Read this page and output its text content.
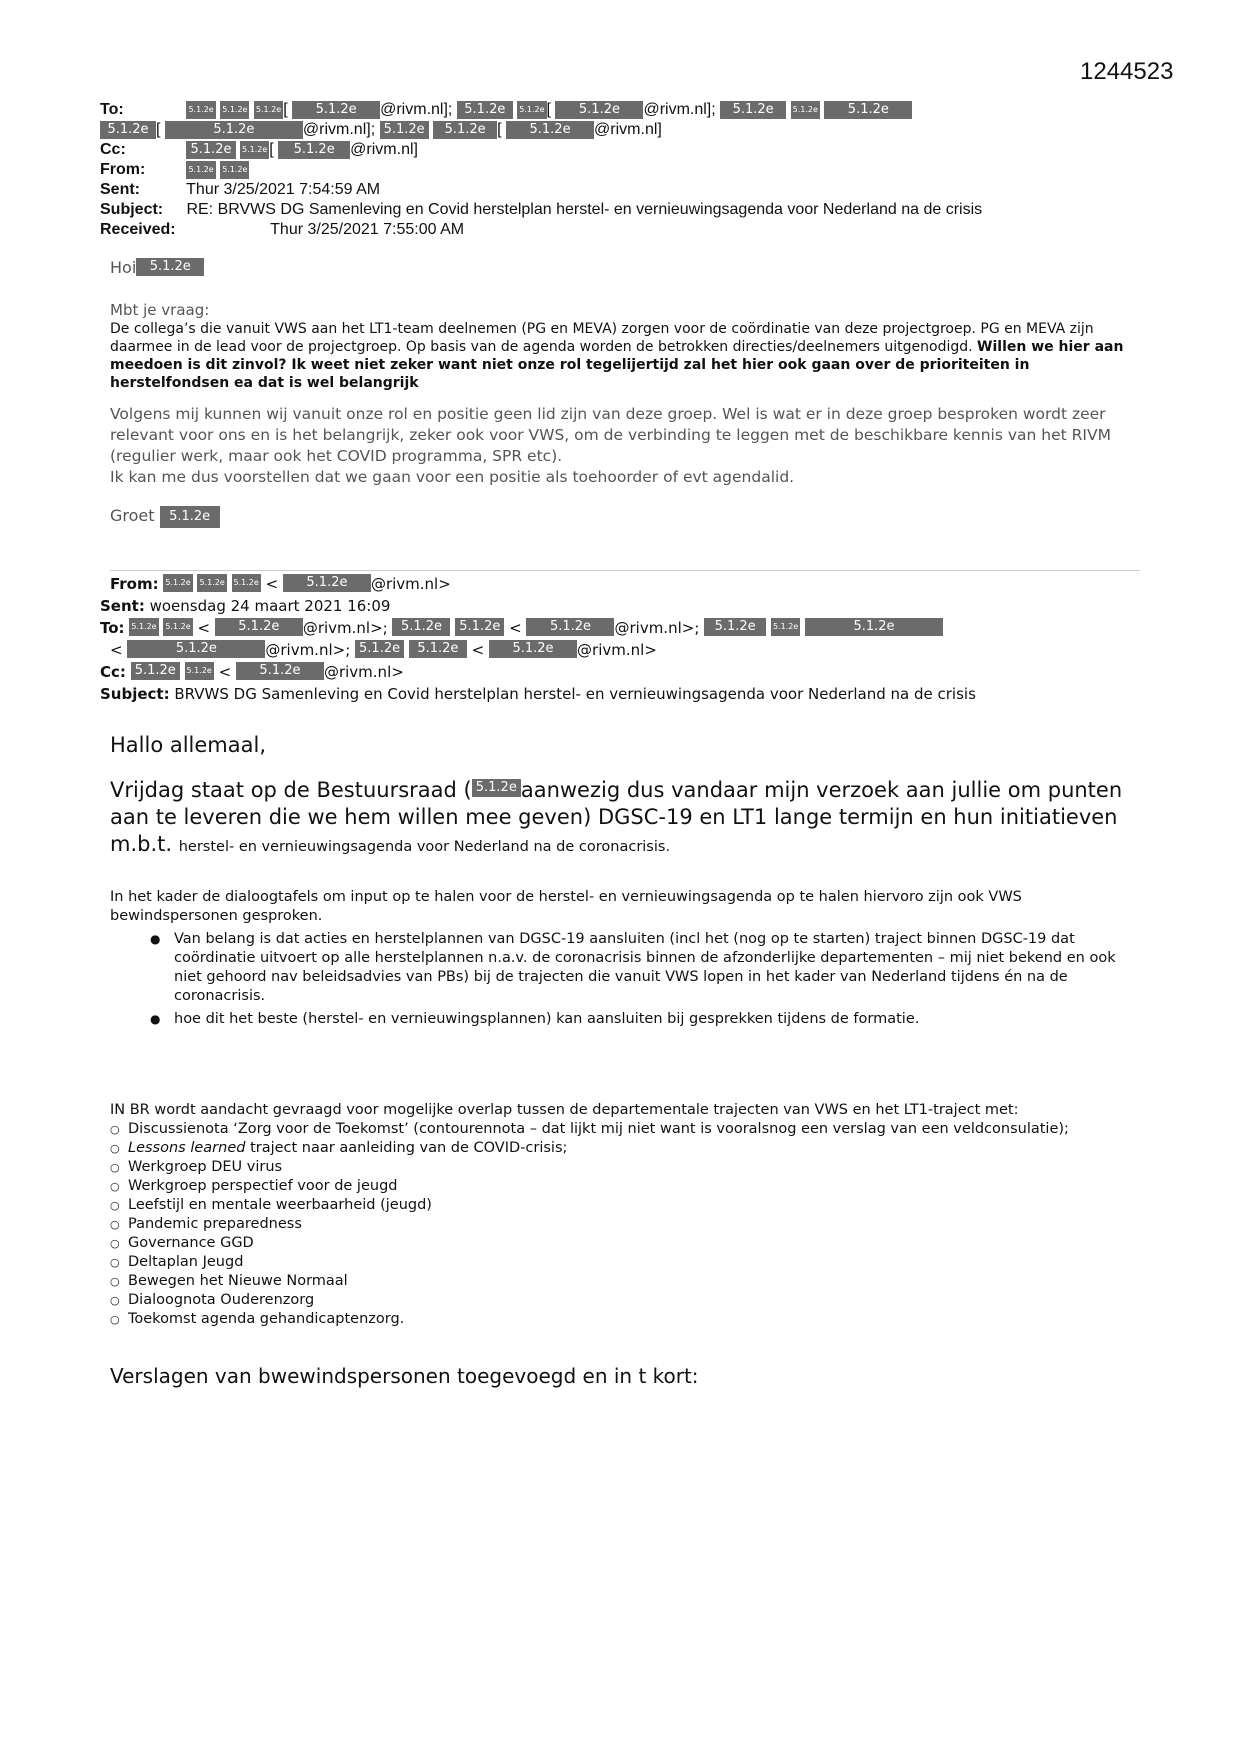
1244523
To:	5.1.2e 5.1.2e 5.1.2e [ 5.1.2e @rivm.nl]; 5.1.2e 5.1.2e [ 5.1.2e @rivm.nl]; 5.1.2e 5.1.2e 5.1.2e
5.1.2e [	5.1.2e	@rivm.nl]; 5.1.2e 5.1.2e [ 5.1.2e @rivm.nl]
Cc:	5.1.2e 5.1.2e [ 5.1.2e @rivm.nl]
From:	5.1.2e 5.1.2e
Sent:	Thur 3/25/2021 7:54:59 AM
Subject: RE: BRVWS DG Samenleving en Covid herstelplan herstel- en vernieuwingsagenda voor Nederland na de crisis
Received:	Thur 3/25/2021 7:55:00 AM
Hoi 5.1.2e
Mbt je vraag:
De collega’s die vanuit VWS aan het LT1-team deelnemen (PG en MEVA) zorgen voor de coördinatie van deze projectgroep. PG en MEVA zijn daarmee in de lead voor de projectgroep. Op basis van de agenda worden de betrokken directies/deelnemers uitgenodigd. Willen we hier aan meedoen is dit zinvol? Ik weet niet zeker want niet onze rol tegelijertijd zal het hier ook gaan over de prioriteiten in herstelfondsen ea dat is wel belangrijk
Volgens mij kunnen wij vanuit onze rol en positie geen lid zijn van deze groep. Wel is wat er in deze groep besproken wordt zeer relevant voor ons en is het belangrijk, zeker ook voor VWS, om de verbinding te leggen met de beschikbare kennis van het RIVM (regulier werk, maar ook het COVID programma, SPR etc).
Ik kan me dus voorstellen dat we gaan voor een positie als toehoorder of evt agendalid.
Groet 5.1.2e
From: 5.1.2e 5.1.2e 5.1.2e < 5.1.2e @rivm.nl>
Sent: woensdag 24 maart 2021 16:09
To: 5.1.2e 5.1.2e < 5.1.2e @rivm.nl>; 5.1.2e 5.1.2e < 5.1.2e @rivm.nl>; 5.1.2e 5.1.2e	5.1.2e
<	5.1.2e	@rivm.nl>; 5.1.2e 5.1.2e < 5.1.2e @rivm.nl>
Cc: 5.1.2e 5.1.2e < 5.1.2e @rivm.nl>
Subject: BRVWS DG Samenleving en Covid herstelplan herstel- en vernieuwingsagenda voor Nederland na de crisis
Hallo allemaal,
Vrijdag staat op de Bestuursraad ( 5.1.2e aanwezig dus vandaar mijn verzoek aan jullie om punten aan te leveren die we hem willen mee geven) DGSC-19 en LT1 lange termijn en hun initiatieven m.b.t. herstel- en vernieuwingsagenda voor Nederland na de coronacrisis.
In het kader de dialoogtafels om input op te halen voor de herstel- en vernieuwingsagenda op te halen hiervoro zijn ook VWS bewindspersonen gesproken.
● Van belang is dat acties en herstelplannen van DGSC-19 aansluiten (incl het (nog op te starten) traject binnen DGSC-19 dat coördinatie uitvoert op alle herstelplannen n.a.v. de coronacrisis binnen de afzonderlijke departementen – mij niet bekend en ook niet gehoord nav beleidsadvies van PBs) bij de trajecten die vanuit VWS lopen in het kader van Nederland tijdens én na de coronacrisis.
● hoe dit het beste (herstel- en vernieuwingsplannen) kan aansluiten bij gesprekken tijdens de formatie.
IN BR wordt aandacht gevraagd voor mogelijke overlap tussen de departementale trajecten van VWS en het LT1-traject met:
○ Discussienota ‘Zorg voor de Toekomst’ (contourennota – dat lijkt mij niet want is vooralsnog een verslag van een veldconsulatie);
○ Lessons learned traject naar aanleiding van de COVID-crisis;
○ Werkgroep DEU virus
○ Werkgroep perspectief voor de jeugd
○ Leefstijl en mentale weerbaarheid (jeugd)
○ Pandemic preparedness
○ Governance GGD
○ Deltaplan Jeugd
○ Bewegen het Nieuwe Normaal
○ Dialoognota Ouderenzorg
○ Toekomst agenda gehandicaptenzorg.
Verslagen van bwewindspersonen toegevoegd en in t kort:
